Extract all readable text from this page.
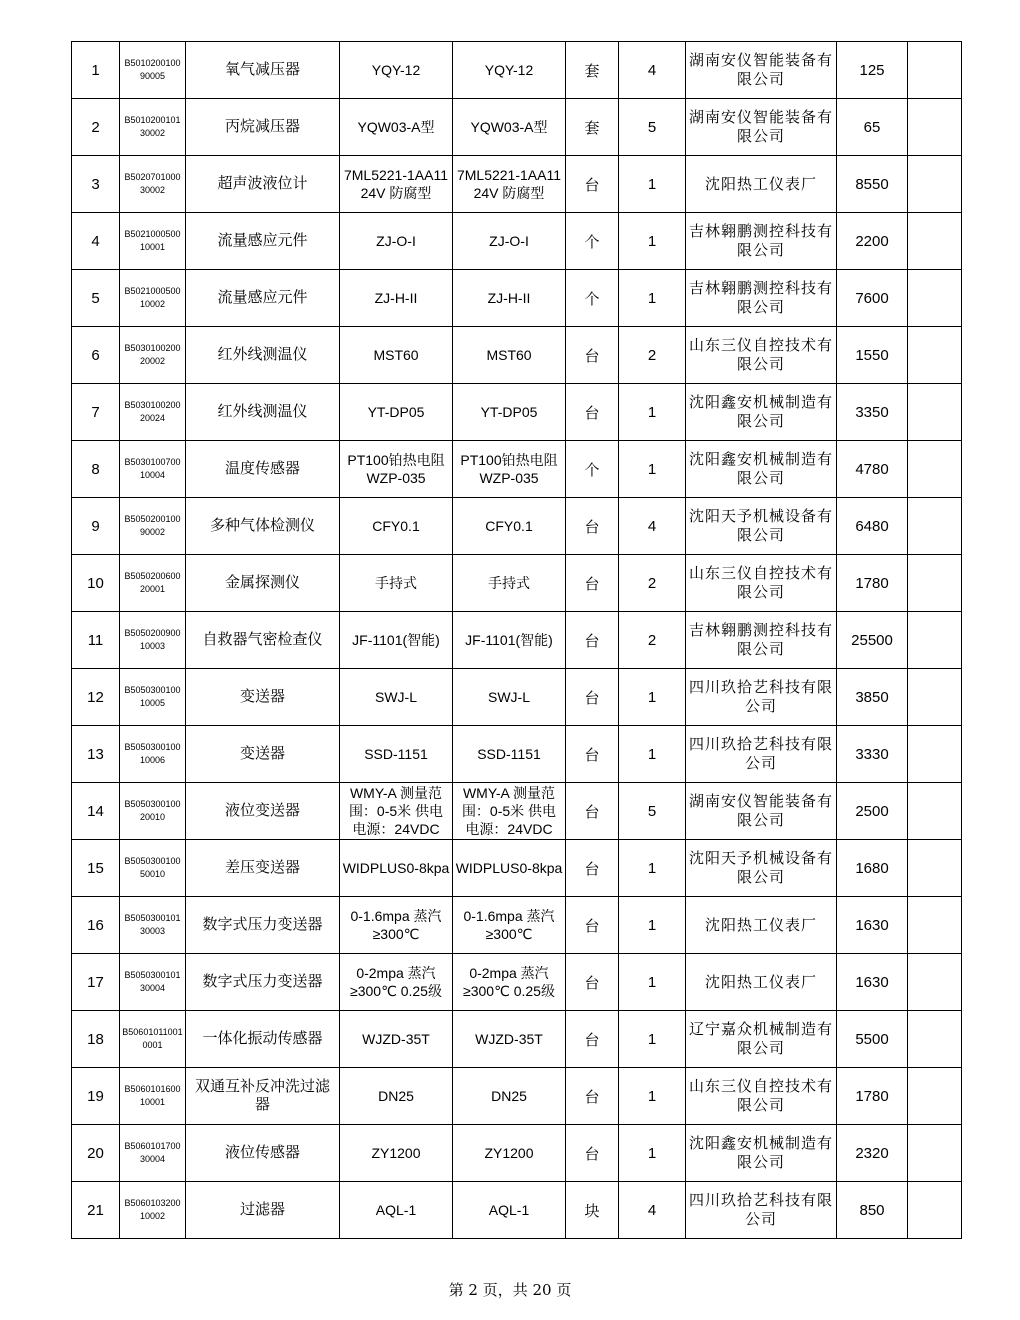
1	B501020010090005	氧气减压器	YQY-12	YQY-12	套	4	湖南安仪智能装备有限公司	125	
2	B501020010130002	丙烷减压器	YQW03-A型	YQW03-A型	套	5	湖南安仪智能装备有限公司	65	
3	B502070100030002	超声波液位计	7ML5221-1AA11 24V 防腐型	7ML5221-1AA11 24V 防腐型	台	1	沈阳热工仪表厂	8550	
4	B502100050010001	流量感应元件	ZJ-O-I	ZJ-O-I	个	1	吉林翱鹏测控科技有限公司	2200	
5	B502100050010002	流量感应元件	ZJ-H-II	ZJ-H-II	个	1	吉林翱鹏测控科技有限公司	7600	
6	B503010020020002	红外线测温仪	MST60	MST60	台	2	山东三仪自控技术有限公司	1550	
7	B503010020020024	红外线测温仪	YT-DP05	YT-DP05	台	1	沈阳鑫安机械制造有限公司	3350	
8	B503010070010004	温度传感器	PT100铂热电阻WZP-035	PT100铂热电阻WZP-035	个	1	沈阳鑫安机械制造有限公司	4780	
9	B505020010090002	多种气体检测仪	CFY0.1	CFY0.1	台	4	沈阳天予机械设备有限公司	6480	
10	B505020060020001	金属探测仪	手持式	手持式	台	2	山东三仪自控技术有限公司	1780	
11	B505020090010003	自救器气密检查仪	JF-1101(智能)	JF-1101(智能)	台	2	吉林翱鹏测控科技有限公司	25500	
12	B505030010010005	变送器	SWJ-L	SWJ-L	台	1	四川玖拾艺科技有限公司	3850	
13	B505030010010006	变送器	SSD-1151	SSD-1151	台	1	四川玖拾艺科技有限公司	3330	
14	B505030010020010	液位变送器	WMY-A 测量范围：0-5米 供电电源：24VDC	WMY-A 测量范围：0-5米 供电电源：24VDC	台	5	湖南安仪智能装备有限公司	2500	
15	B505030010050010	差压变送器	WIDPLUS0-8kpa	WIDPLUS0-8kpa	台	1	沈阳天予机械设备有限公司	1680	
16	B505030010130003	数字式压力变送器	0-1.6mpa 蒸汽≥300℃	0-1.6mpa 蒸汽≥300℃	台	1	沈阳热工仪表厂	1630	
17	B505030010130004	数字式压力变送器	0-2mpa 蒸汽≥300℃ 0.25级	0-2mpa 蒸汽≥300℃ 0.25级	台	1	沈阳热工仪表厂	1630	
18	B506010110010001	一体化振动传感器	WJZD-35T	WJZD-35T	台	1	辽宁嘉众机械制造有限公司	5500	
19	B506010160010001	双通互补反冲洗过滤器	DN25	DN25	台	1	山东三仪自控技术有限公司	1780	
20	B506010170030004	液位传感器	ZY1200	ZY1200	台	1	沈阳鑫安机械制造有限公司	2320	
21	B506010320010002	过滤器	AQL-1	AQL-1	块	4	四川玖拾艺科技有限公司	850	
第 2 页，共 20 页
